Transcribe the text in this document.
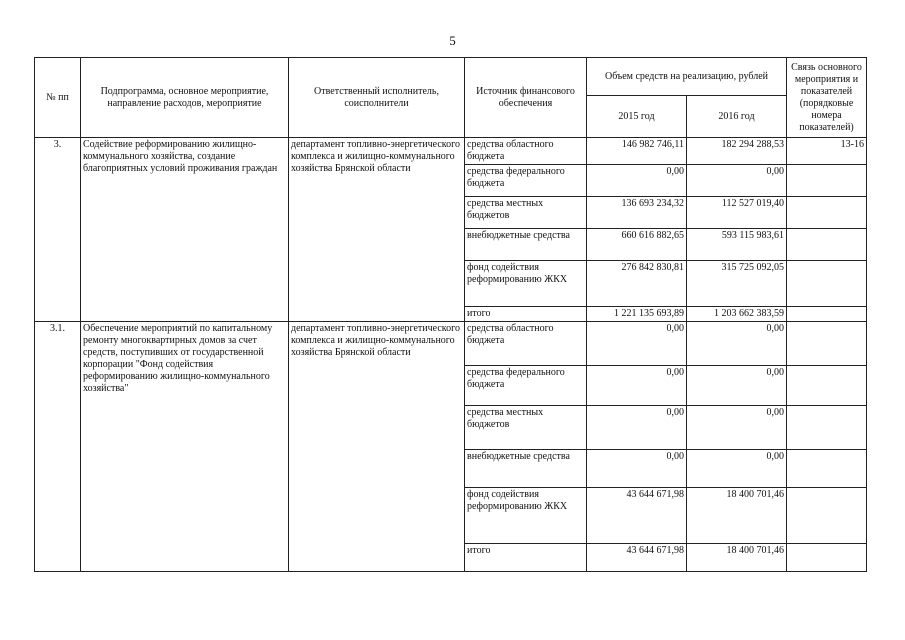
5
№ пп	Подпрограмма, основное мероприятие, направление расходов, мероприятие	Ответственный исполнитель, соисполнители	Источник финансового обеспечения	Объем средств на реализацию, рублей		Связь основного мероприятия и показателей (порядковые номера показателей)
				2015 год	2016 год	
3.	Содействие реформированию жилищно-коммунального хозяйства, создание благоприятных условий проживания граждан	департамент топливно-энергетического комплекса и жилищно-коммунального хозяйства Брянской области	средства областного бюджета	146 982 746,11	182 294 288,53	13-16
			средства федерального бюджета	0,00	0,00	
			средства местных бюджетов	136 693 234,32	112 527 019,40	
			внебюджетные средства	660 616 882,65	593 115 983,61	
			фонд содействия реформированию ЖКХ	276 842 830,81	315 725 092,05	
			итого	1 221 135 693,89	1 203 662 383,59	
3.1.	Обеспечение мероприятий по капитальному ремонту многоквартирных домов за счет средств, поступивших от государственной корпорации "Фонд содействия реформированию жилищно-коммунального хозяйства"	департамент топливно-энергетического комплекса и жилищно-коммунального хозяйства Брянской области	средства областного бюджета	0,00	0,00	
			средства федерального бюджета	0,00	0,00	
			средства местных бюджетов	0,00	0,00	
			внебюджетные средства	0,00	0,00	
			фонд содействия реформированию ЖКХ	43 644 671,98	18 400 701,46	
			итого	43 644 671,98	18 400 701,46	
